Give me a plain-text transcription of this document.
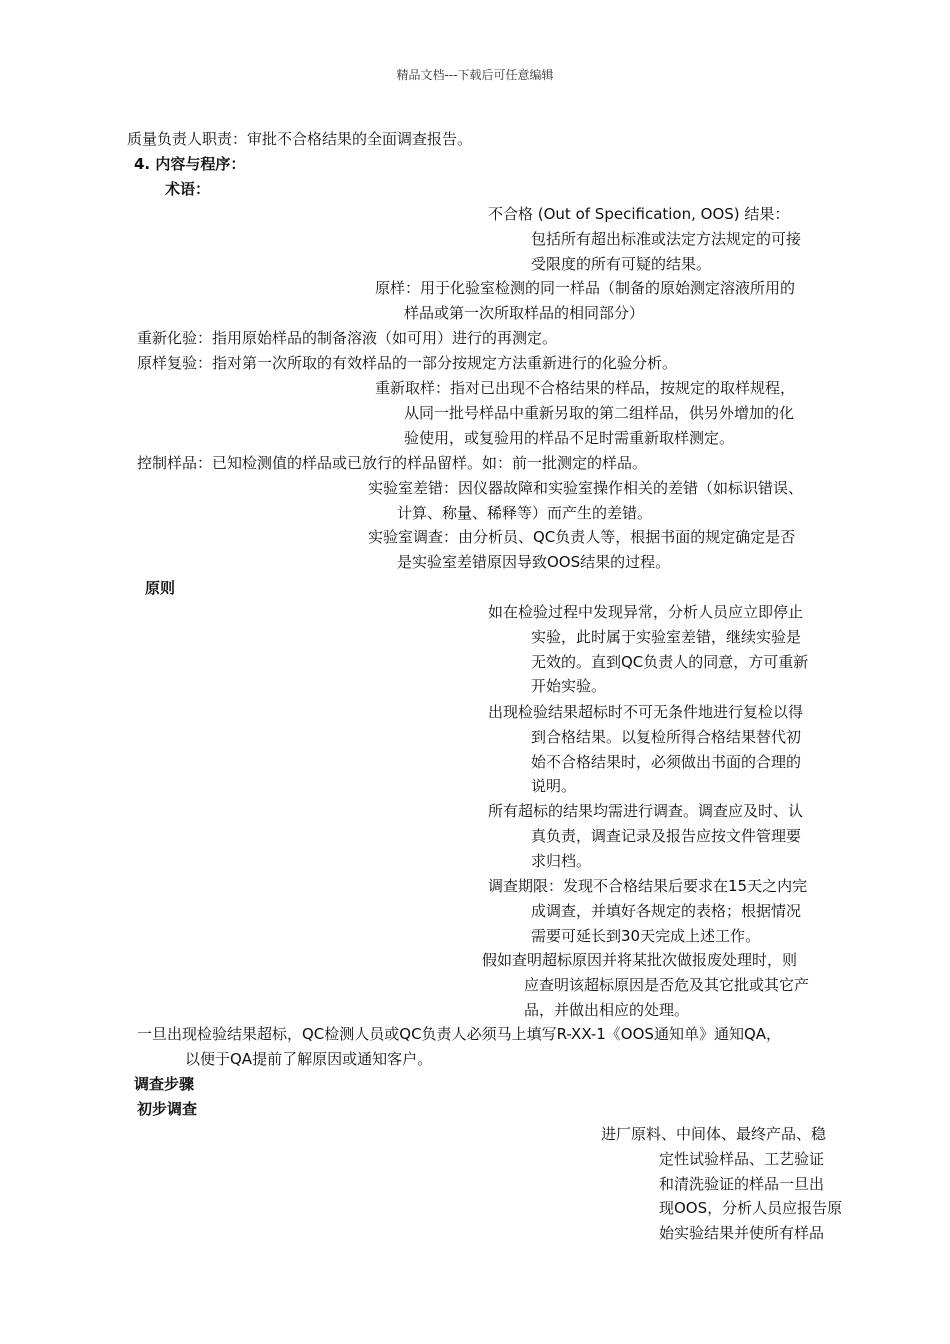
精品文档---下载后可任意编辑
质量负责人职责：审批不合格结果的全面调查报告。
4. 内容与程序：
术语：
不合格 (Out of Specification, OOS) 结果：
包括所有超出标准或法定方法规定的可接
受限度的所有可疑的结果。
原样：用于化验室检测的同一样品（制备的原始测定溶液所用的
样品或第一次所取样品的相同部分）
重新化验：指用原始样品的制备溶液（如可用）进行的再测定。
原样复验：指对第一次所取的有效样品的一部分按规定方法重新进行的化验分析。
重新取样：指对已出现不合格结果的样品，按规定的取样规程，
从同一批号样品中重新另取的第二组样品，供另外增加的化
验使用，或复验用的样品不足时需重新取样测定。
控制样品：已知检测值的样品或已放行的样品留样。如：前一批测定的样品。
实验室差错：因仪器故障和实验室操作相关的差错（如标识错误、
计算、称量、稀释等）而产生的差错。
实验室调查：由分析员、QC负责人等，根据书面的规定确定是否
是实验室差错原因导致OOS结果的过程。
原则
如在检验过程中发现异常，分析人员应立即停止
实验，此时属于实验室差错，继续实验是
无效的。直到QC负责人的同意，方可重新
开始实验。
出现检验结果超标时不可无条件地进行复检以得
到合格结果。以复检所得合格结果替代初
始不合格结果时，必须做出书面的合理的
说明。
所有超标的结果均需进行调查。调查应及时、认
真负责，调查记录及报告应按文件管理要
求归档。
调查期限：发现不合格结果后要求在15天之内完
成调查，并填好各规定的表格；根据情况
需要可延长到30天完成上述工作。
假如查明超标原因并将某批次做报废处理时，则
应查明该超标原因是否危及其它批或其它产
品，并做出相应的处理。
一旦出现检验结果超标，QC检测人员或QC负责人必须马上填写R-XX-1《OOS通知单》通知QA，
以便于QA提前了解原因或通知客户。
调查步骤
初步调查
进厂原料、中间体、最终产品、稳
定性试验样品、工艺验证
和清洗验证的样品一旦出
现OOS，分析人员应报告原
始实验结果并使所有样品
